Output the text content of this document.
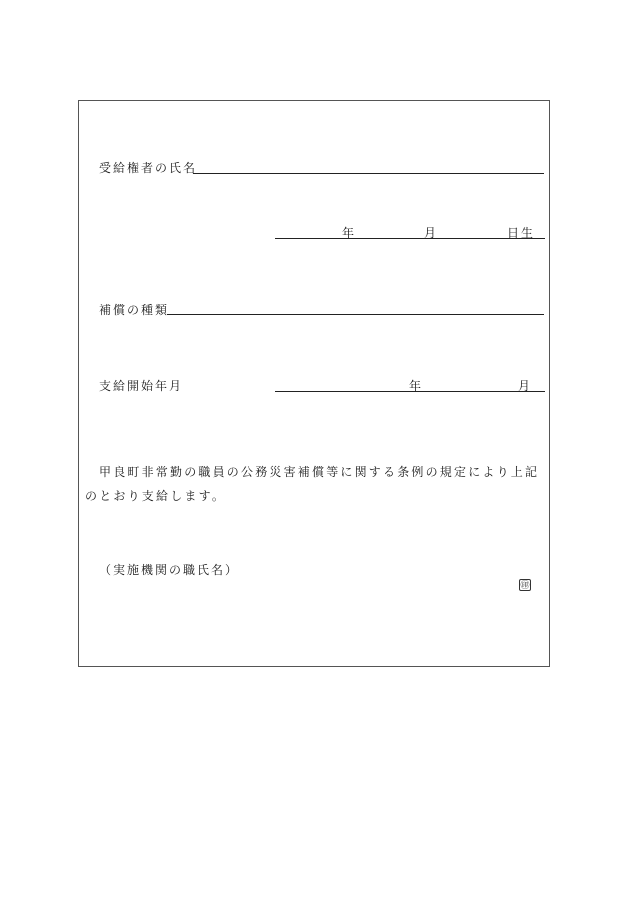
受給権者の氏名
年	月	日生
補償の種類
支給開始年月	年	月
甲良町非常勤の職員の公務災害補償等に関する条例の規定により上記のとおり支給します。
（実施機関の職氏名）
㊞
